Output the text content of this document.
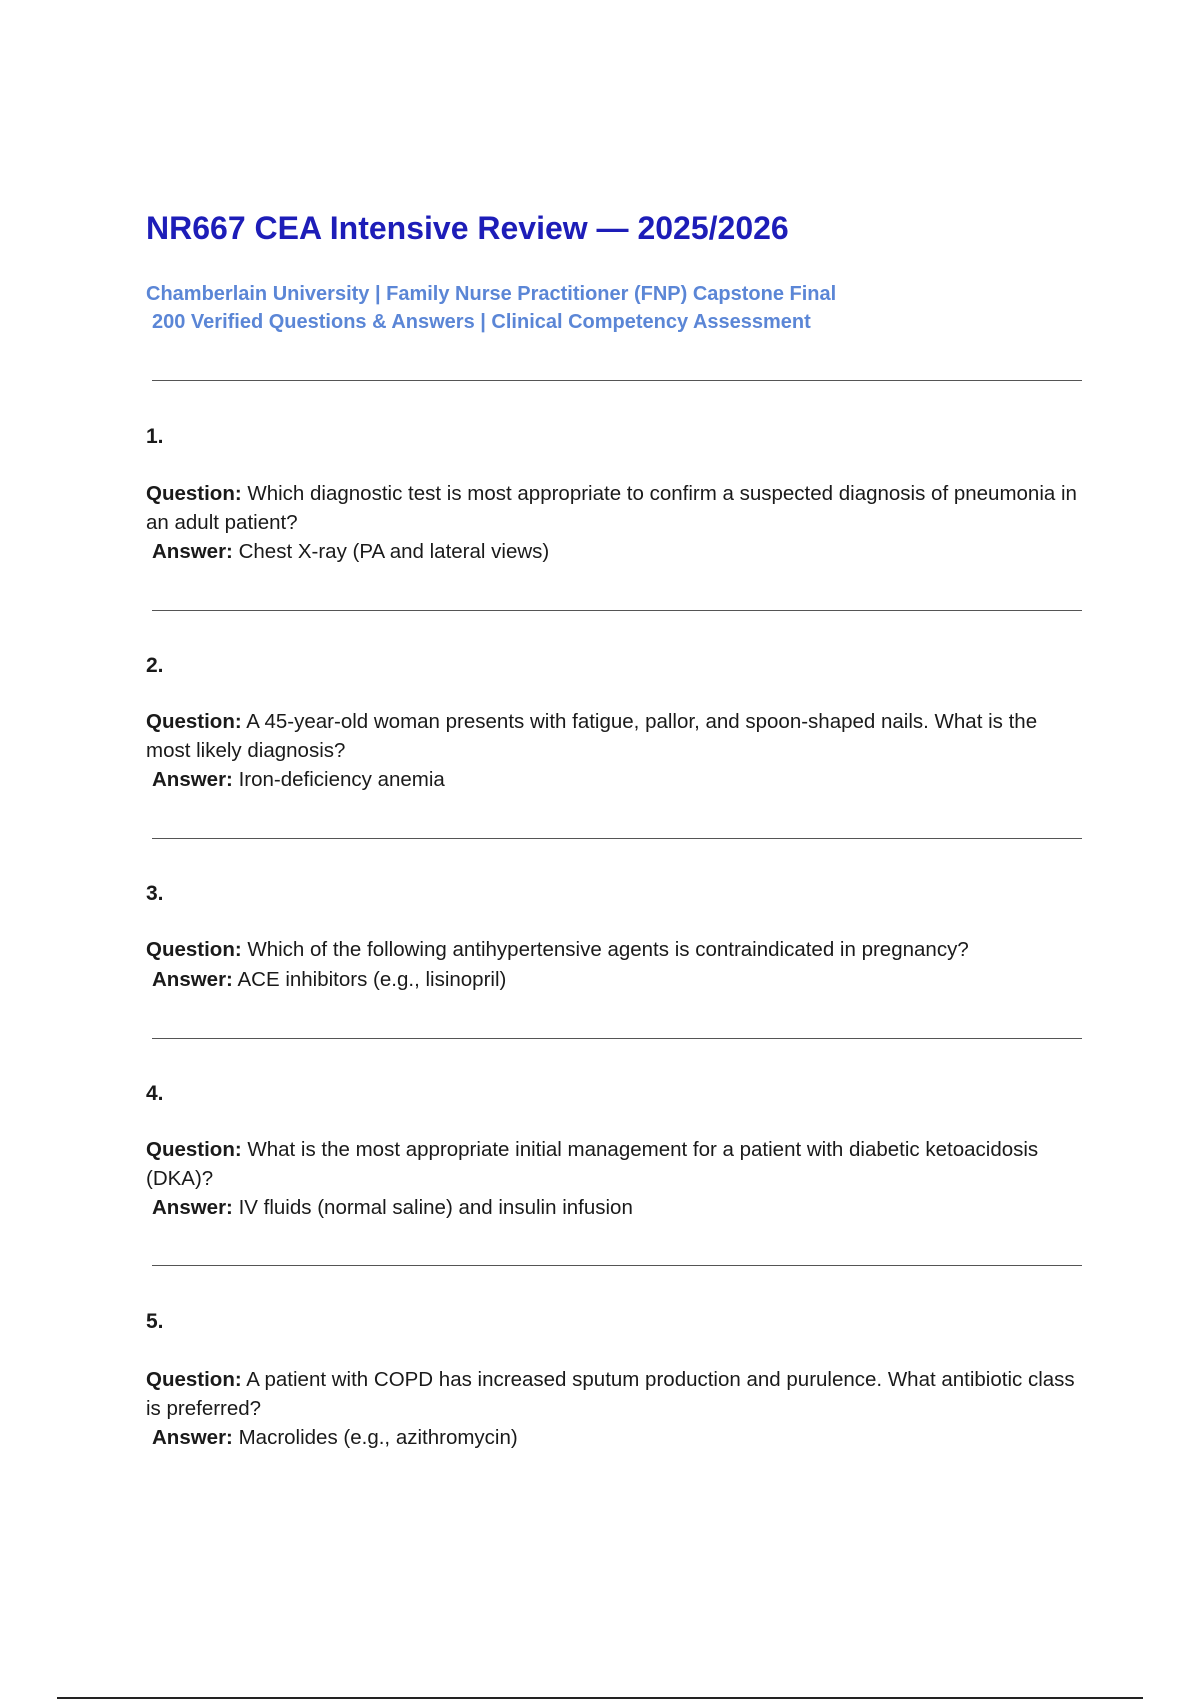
NR667 CEA Intensive Review — 2025/2026
Chamberlain University | Family Nurse Practitioner (FNP) Capstone Final
200 Verified Questions & Answers | Clinical Competency Assessment
1.
Question: Which diagnostic test is most appropriate to confirm a suspected diagnosis of pneumonia in an adult patient?
Answer: Chest X-ray (PA and lateral views)
2.
Question: A 45-year-old woman presents with fatigue, pallor, and spoon-shaped nails. What is the most likely diagnosis?
Answer: Iron-deficiency anemia
3.
Question: Which of the following antihypertensive agents is contraindicated in pregnancy?
Answer: ACE inhibitors (e.g., lisinopril)
4.
Question: What is the most appropriate initial management for a patient with diabetic ketoacidosis (DKA)?
Answer: IV fluids (normal saline) and insulin infusion
5.
Question: A patient with COPD has increased sputum production and purulence. What antibiotic class is preferred?
Answer: Macrolides (e.g., azithromycin)
